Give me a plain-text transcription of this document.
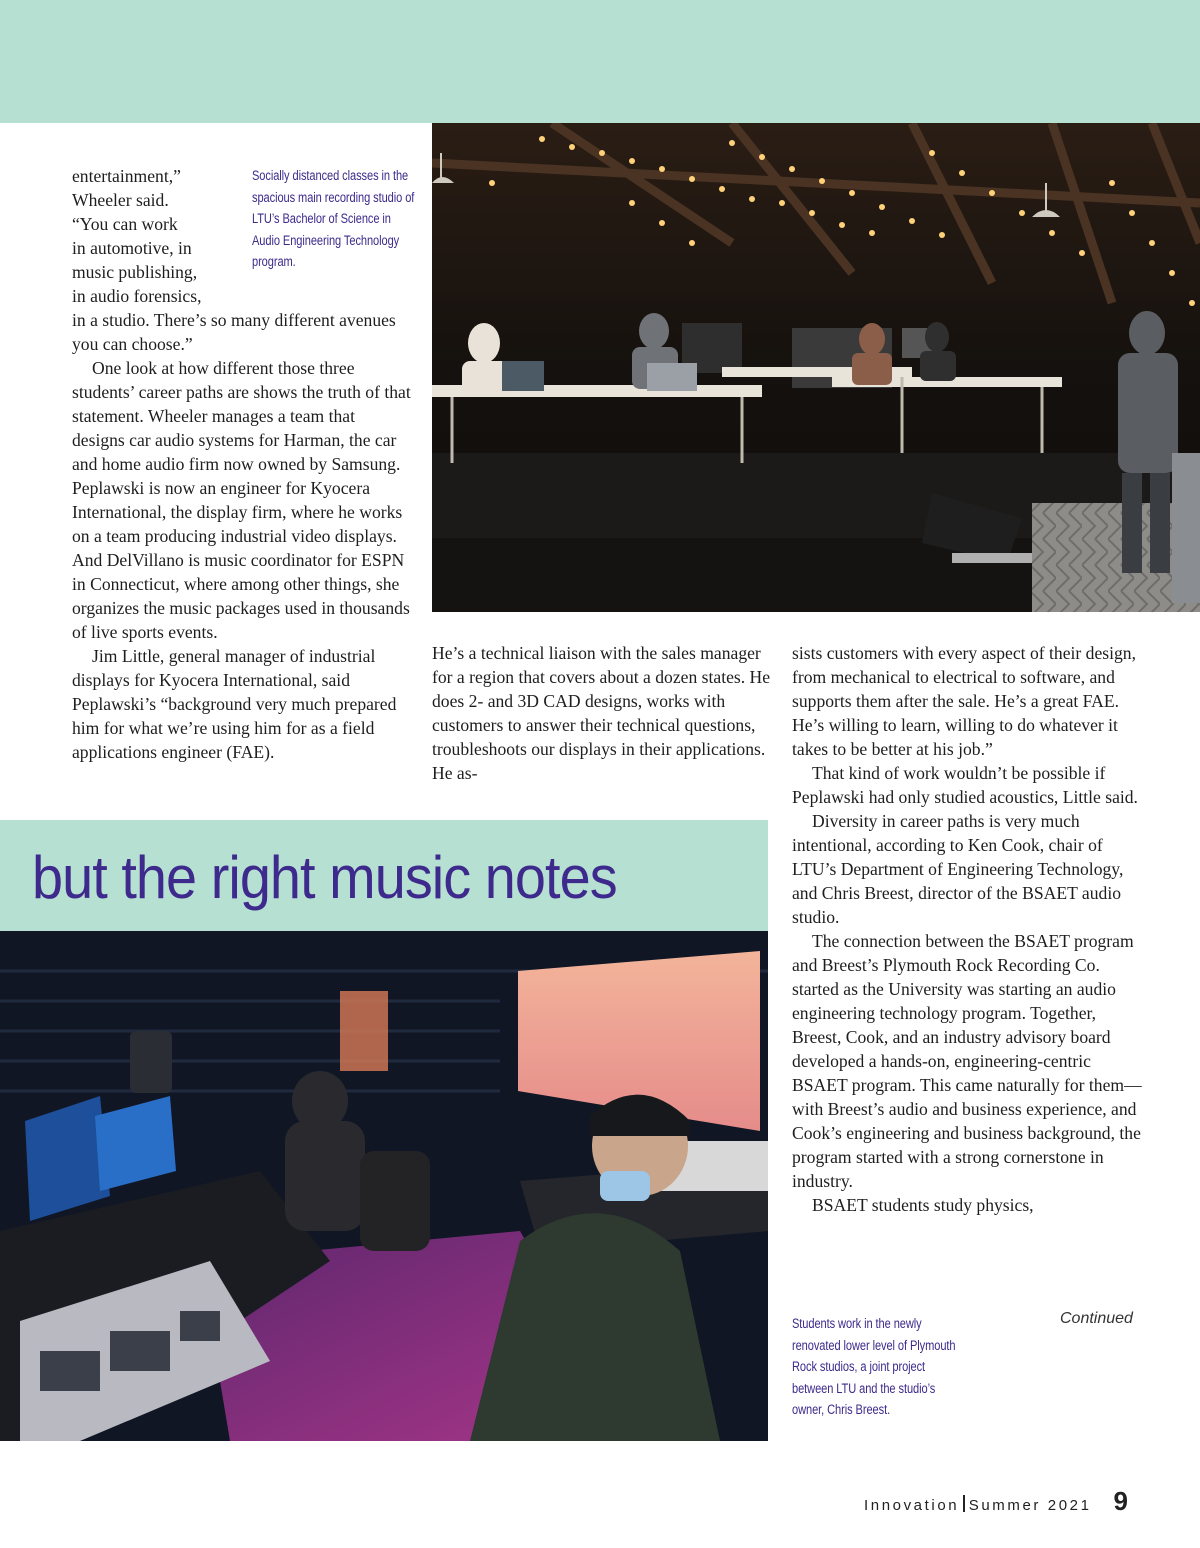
Socially distanced classes in the spacious main recording studio of LTU’s Bachelor of Science in Audio Engineering Technology program.

entertainment,”

Wheeler said.

“You can work

in automotive, in

music publishing,

in audio forensics,

in a studio. There’s so many different avenues you can choose.”

One look at how different those three students’ career paths are shows the truth of that statement. Wheeler manages a team that designs car audio systems for Harman, the car and home audio firm now owned by Samsung. Peplawski is now an engineer for Kyocera International, the display firm, where he works on a team producing industrial video displays. And DelVillano is music coordinator for ESPN in Connecticut, where among other things, she organizes the music packages used in thousands of live sports events.

Jim Little, general manager of industrial displays for Kyocera International, said Peplawski’s “background very much prepared him for what we’re using him for as a field applications engineer (FAE).

He’s a technical liaison with the sales manager for a region that covers about a dozen states. He does 2- and 3D CAD designs, works with customers to answer their technical questions, troubleshoots our displays in their applications. He as-

sists customers with every aspect of their design, from mechanical to electrical to software, and supports them after the sale. He’s a great FAE. He’s willing to learn, willing to do whatever it takes to be better at his job.”

That kind of work wouldn’t be possible if Peplawski had only studied acoustics, Little said.

Diversity in career paths is very much intentional, according to Ken Cook, chair of LTU’s Department of Engineering Technology, and Chris Breest, director of the BSAET audio studio.

The connection between the BSAET program and Breest’s Plymouth Rock Recording Co. started as the University was starting an audio engineering technology program. Together, Breest, Cook, and an industry advisory board developed a hands-on, engineering-centric BSAET program. This came naturally for them—with Breest’s audio and business experience, and Cook’s engineering and business background, the program started with a strong cornerstone in industry.

BSAET students study physics,

but the right music notes
Students work in the newly renovated lower level of Plymouth Rock studios, a joint project between LTU and the studio’s owner, Chris Breest.
Continued
Innovation Summer 2021 9
